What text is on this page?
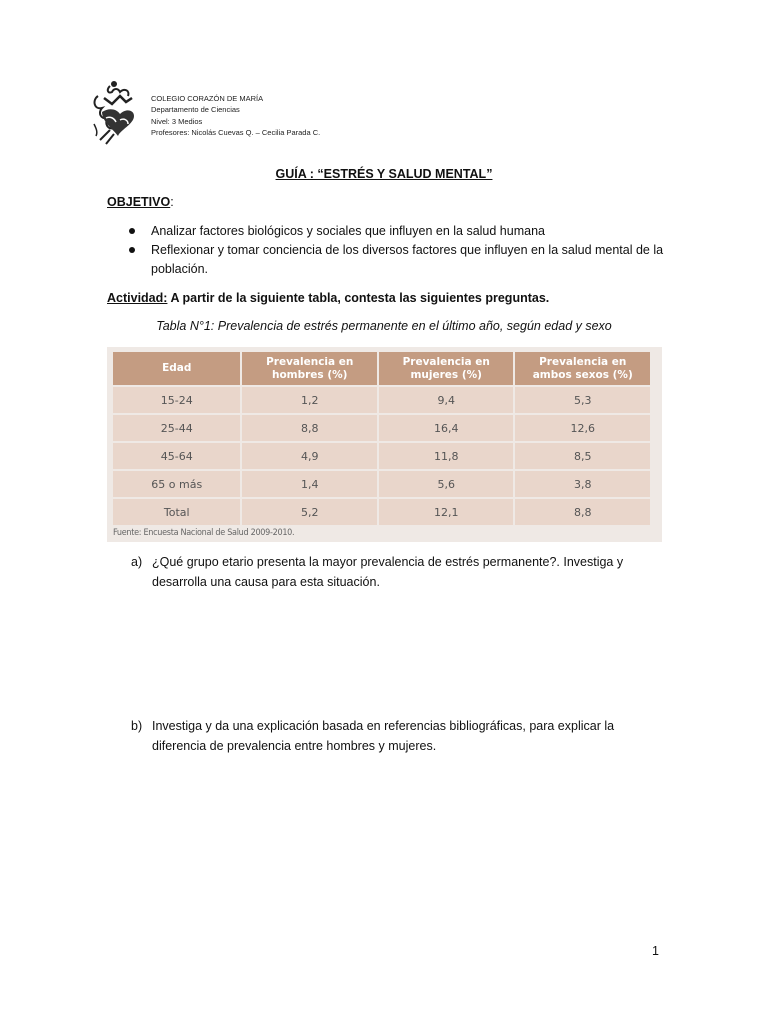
COLEGIO CORAZÓN DE MARÍA
Departamento de Ciencias
Nivel: 3 Medios
Profesores: Nicolás Cuevas Q. – Cecilia Parada C.
GUÍA : “ESTRÉS Y SALUD MENTAL”
OBJETIVO:
Analizar factores biológicos y sociales que influyen en la salud humana
Reflexionar y tomar conciencia de los diversos factores que influyen en la salud mental de la población.
Actividad: A partir de la siguiente tabla, contesta las siguientes preguntas.
Tabla N°1: Prevalencia de estrés permanente en el último año, según edad y sexo
Edad	Prevalencia en hombres (%)	Prevalencia en mujeres (%)	Prevalencia en ambos sexos (%)
15-24	1,2	9,4	5,3
25-44	8,8	16,4	12,6
45-64	4,9	11,8	8,5
65 o más	1,4	5,6	3,8
Total	5,2	12,1	8,8
Fuente: Encuesta Nacional de Salud 2009-2010.
a) ¿Qué grupo etario presenta la mayor prevalencia de estrés permanente?. Investiga y desarrolla una causa para esta situación.
b) Investiga y da una explicación basada en referencias bibliográficas, para explicar la diferencia de prevalencia entre hombres y mujeres.
1
